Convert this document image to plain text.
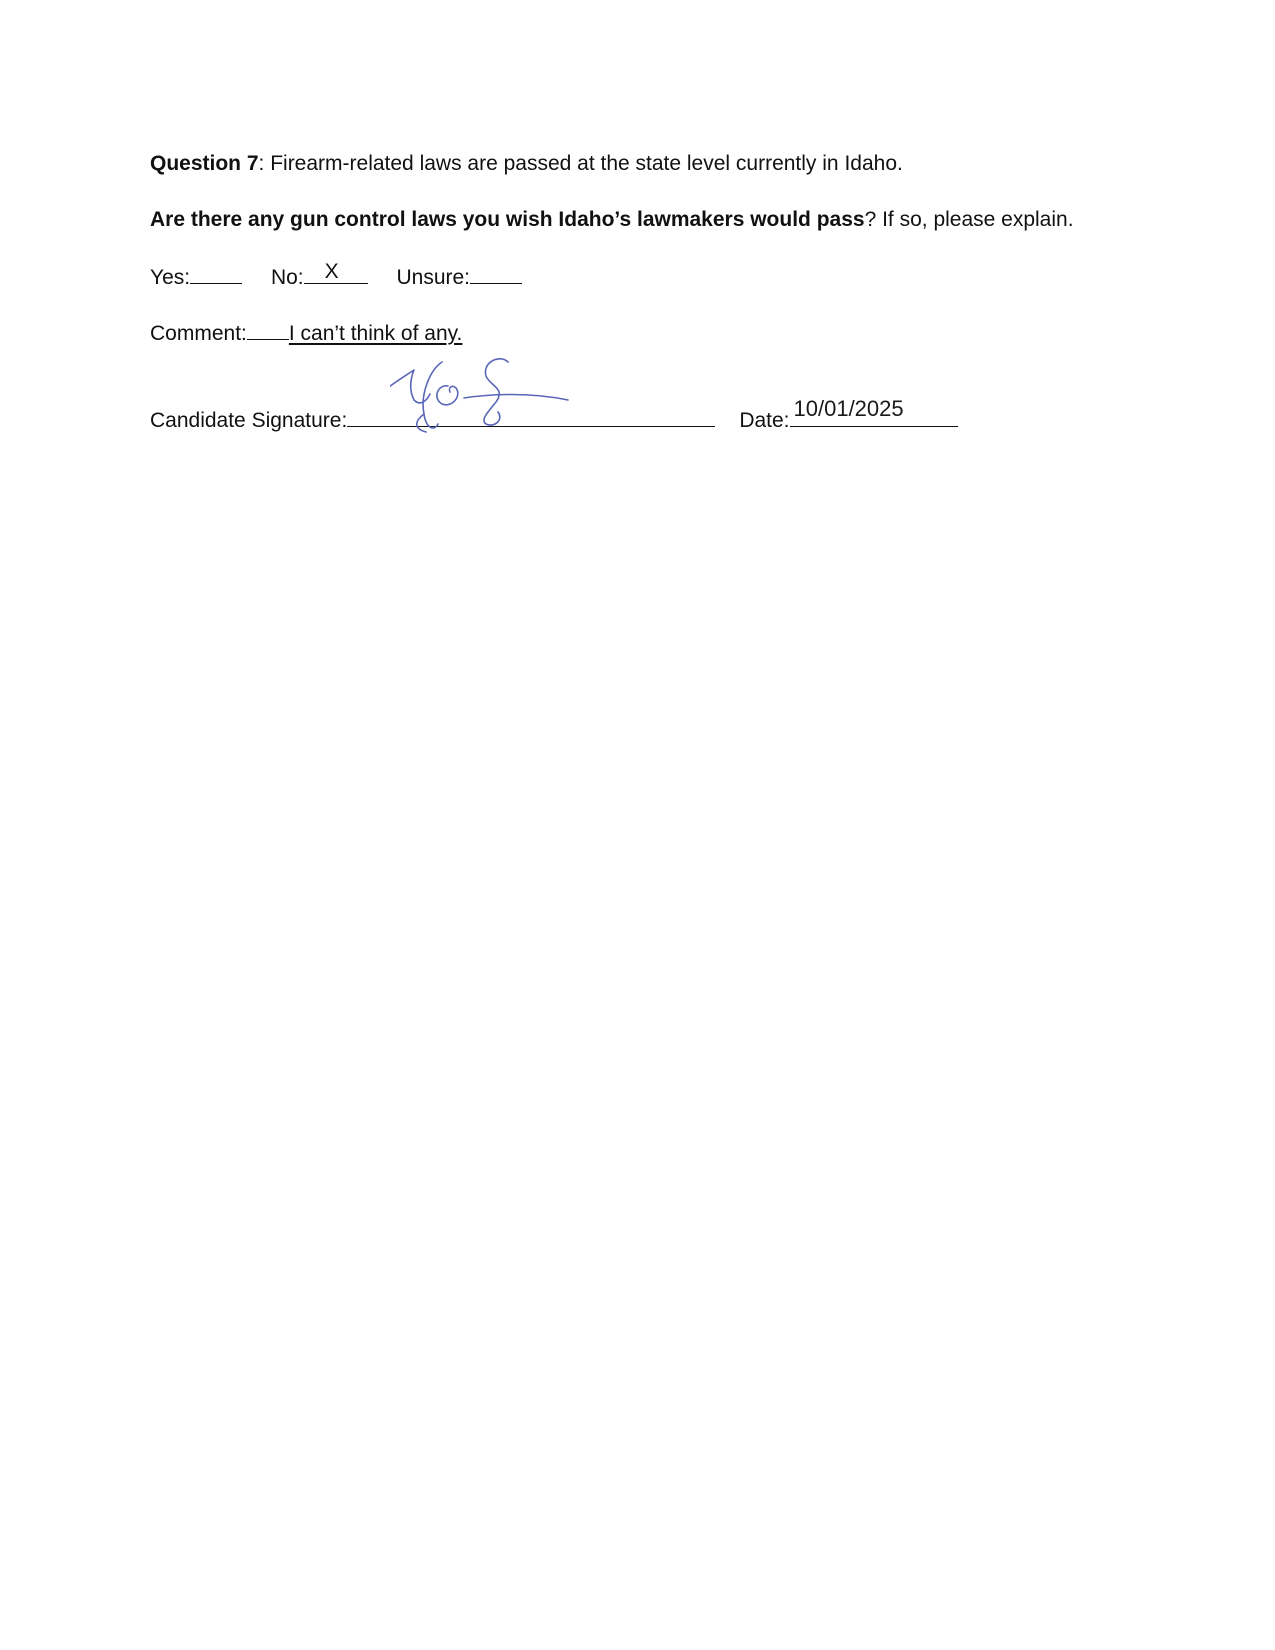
Question 7: Firearm-related laws are passed at the state level currently in Idaho.
Are there any gun control laws you wish Idaho’s lawmakers would pass? If so, please explain.
Yes:	No: X	Unsure:
Comment: I can’t think of any.
Candidate Signature:	Date: 10/01/2025
